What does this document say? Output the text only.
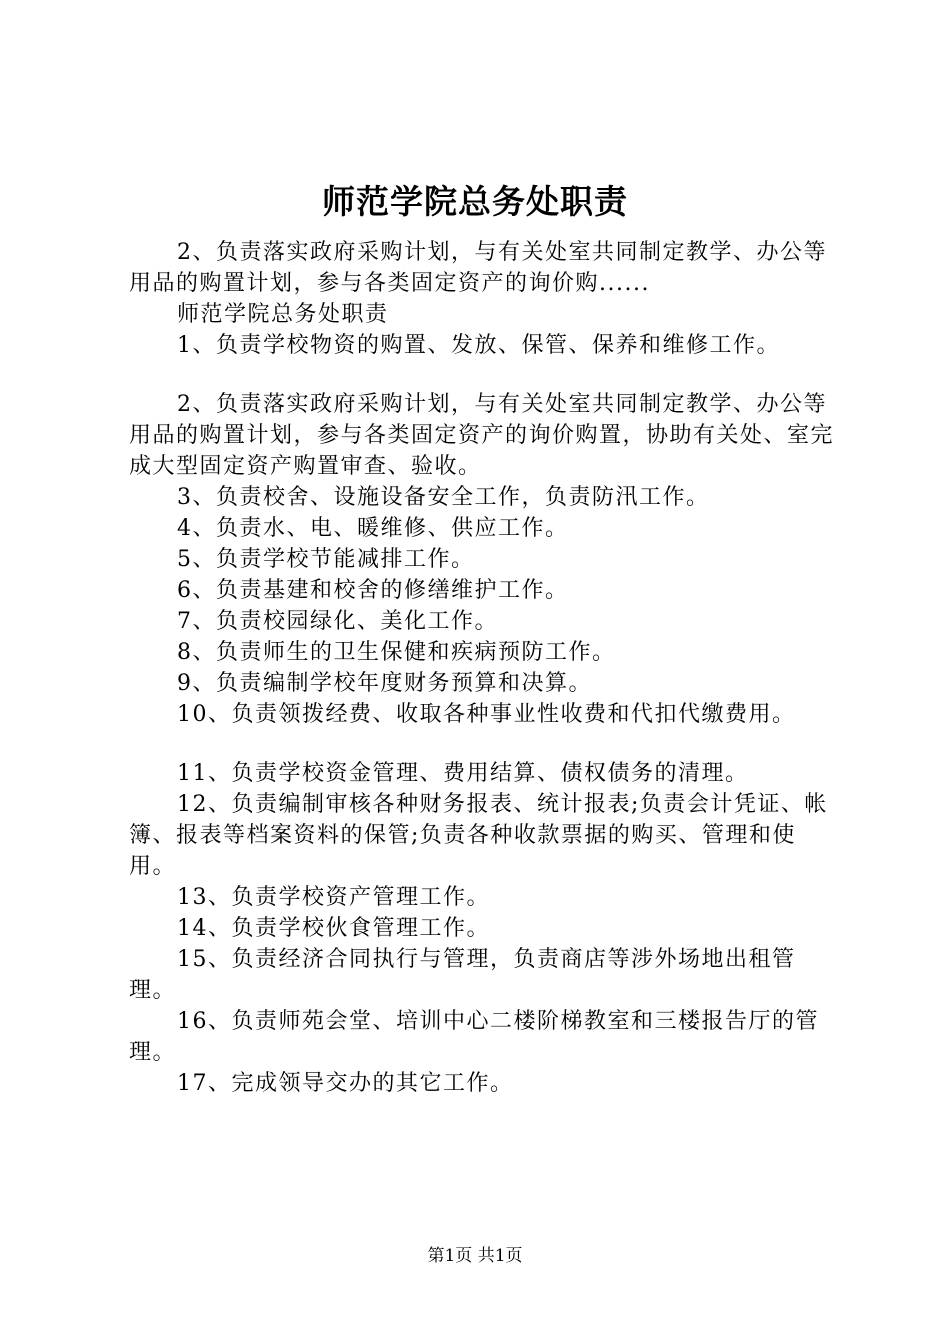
师范学院总务处职责

2、负责落实政府采购计划，与有关处室共同制定教学、办公等用品的购置计划，参与各类固定资产的询价购......

师范学院总务处职责

1、负责学校物资的购置、发放、保管、保养和维修工作。

2、负责落实政府采购计划，与有关处室共同制定教学、办公等用品的购置计划，参与各类固定资产的询价购置，协助有关处、室完成大型固定资产购置审查、验收。

3、负责校舍、设施设备安全工作，负责防汛工作。

4、负责水、电、暖维修、供应工作。

5、负责学校节能减排工作。

6、负责基建和校舍的修缮维护工作。

7、负责校园绿化、美化工作。

8、负责师生的卫生保健和疾病预防工作。

9、负责编制学校年度财务预算和决算。

10、负责领拨经费、收取各种事业性收费和代扣代缴费用。

11、负责学校资金管理、费用结算、债权债务的清理。

12、负责编制审核各种财务报表、统计报表;负责会计凭证、帐簿、报表等档案资料的保管;负责各种收款票据的购买、管理和使用。

13、负责学校资产管理工作。

14、负责学校伙食管理工作。

15、负责经济合同执行与管理，负责商店等涉外场地出租管理。

16、负责师苑会堂、培训中心二楼阶梯教室和三楼报告厅的管理。

17、完成领导交办的其它工作。

第1页 共1页
